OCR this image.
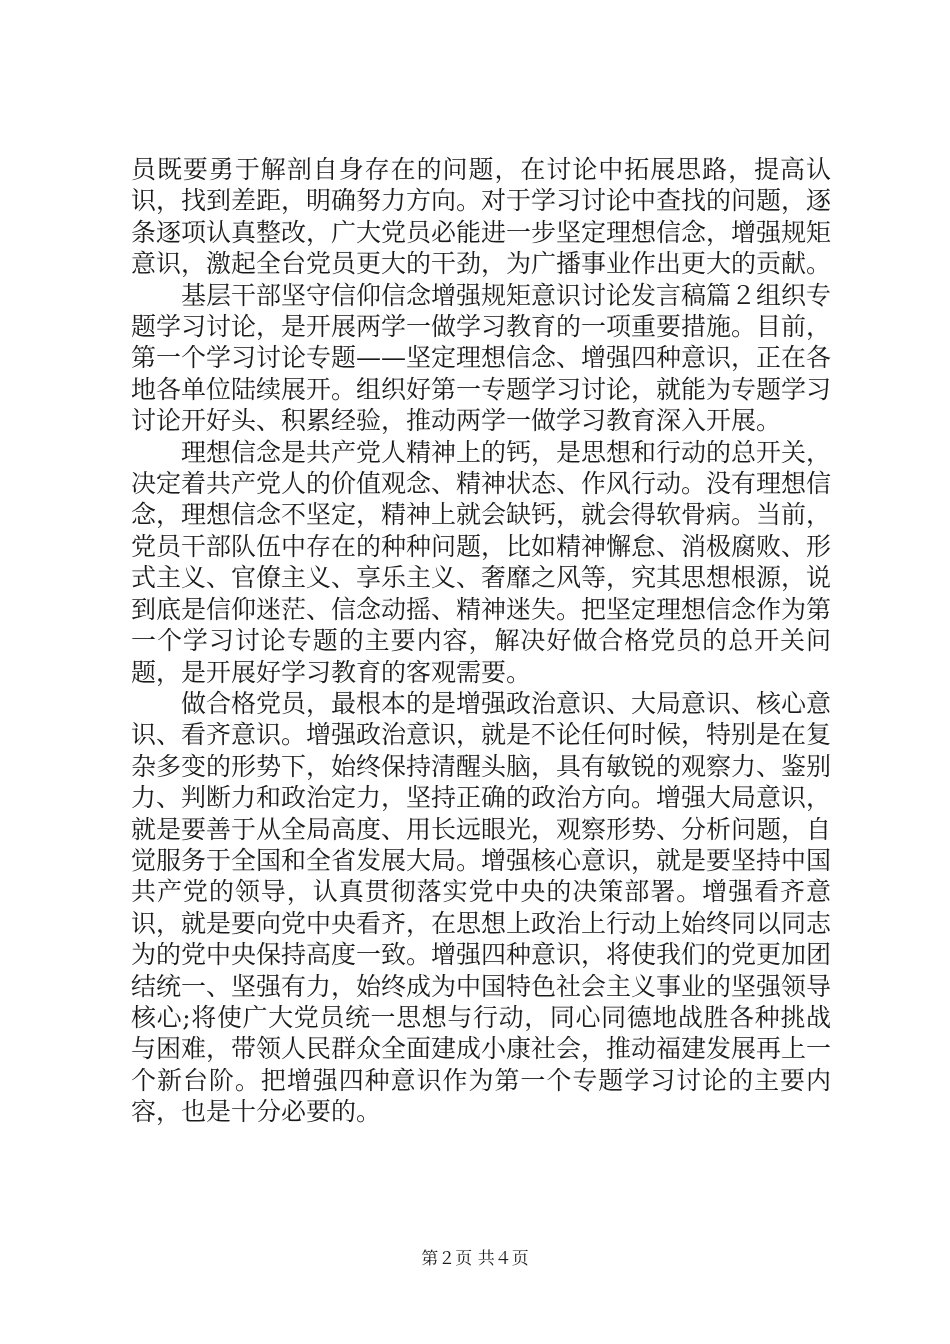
员既要勇于解剖自身存在的问题，在讨论中拓展思路，提高认识，找到差距，明确努力方向。对于学习讨论中查找的问题，逐条逐项认真整改，广大党员必能进一步坚定理想信念，增强规矩意识，激起全台党员更大的干劲，为广播事业作出更大的贡献。

基层干部坚守信仰信念增强规矩意识讨论发言稿篇２组织专题学习讨论，是开展两学一做学习教育的一项重要措施。目前，第一个学习讨论专题——坚定理想信念、增强四种意识，正在各地各单位陆续展开。组织好第一专题学习讨论，就能为专题学习讨论开好头、积累经验，推动两学一做学习教育深入开展。

理想信念是共产党人精神上的钙，是思想和行动的总开关，决定着共产党人的价值观念、精神状态、作风行动。没有理想信念，理想信念不坚定，精神上就会缺钙，就会得软骨病。当前，党员干部队伍中存在的种种问题，比如精神懈怠、消极腐败、形式主义、官僚主义、享乐主义、奢靡之风等，究其思想根源，说到底是信仰迷茫、信念动摇、精神迷失。把坚定理想信念作为第一个学习讨论专题的主要内容，解决好做合格党员的总开关问题，是开展好学习教育的客观需要。

做合格党员，最根本的是增强政治意识、大局意识、核心意识、看齐意识。增强政治意识，就是不论任何时候，特别是在复杂多变的形势下，始终保持清醒头脑，具有敏锐的观察力、鉴别力、判断力和政治定力，坚持正确的政治方向。增强大局意识，就是要善于从全局高度、用长远眼光，观察形势、分析问题，自觉服务于全国和全省发展大局。增强核心意识，就是要坚持中国共产党的领导，认真贯彻落实党中央的决策部署。增强看齐意识，就是要向党中央看齐，在思想上政治上行动上始终同以同志为的党中央保持高度一致。增强四种意识，将使我们的党更加团结统一、坚强有力，始终成为中国特色社会主义事业的坚强领导核心;将使广大党员统一思想与行动，同心同德地战胜各种挑战与困难，带领人民群众全面建成小康社会，推动福建发展再上一个新台阶。把增强四种意识作为第一个专题学习讨论的主要内容，也是十分必要的。

第２页 共４页
